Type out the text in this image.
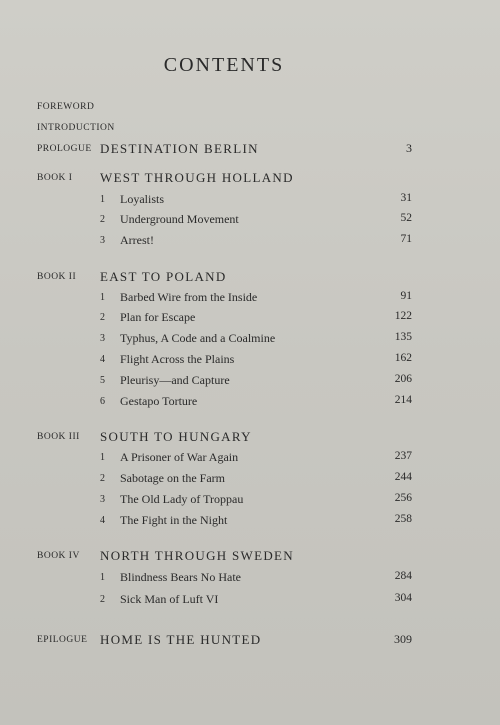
CONTENTS
FOREWORD
INTRODUCTION
PROLOGUE DESTINATION BERLIN	3
BOOK I WEST THROUGH HOLLAND
1 Loyalists	31
2 Underground Movement	52
3 Arrest!	71
BOOK II EAST TO POLAND
1 Barbed Wire from the Inside	91
2 Plan for Escape	122
3 Typhus, A Code and a Coalmine	135
4 Flight Across the Plains	162
5 Pleurisy—and Capture	206
6 Gestapo Torture	214
BOOK III SOUTH TO HUNGARY
1 A Prisoner of War Again	237
2 Sabotage on the Farm	244
3 The Old Lady of Troppau	256
4 The Fight in the Night	258
BOOK IV NORTH THROUGH SWEDEN
1 Blindness Bears No Hate	284
2 Sick Man of Luft VI	304
EPILOGUE HOME IS THE HUNTED	309
